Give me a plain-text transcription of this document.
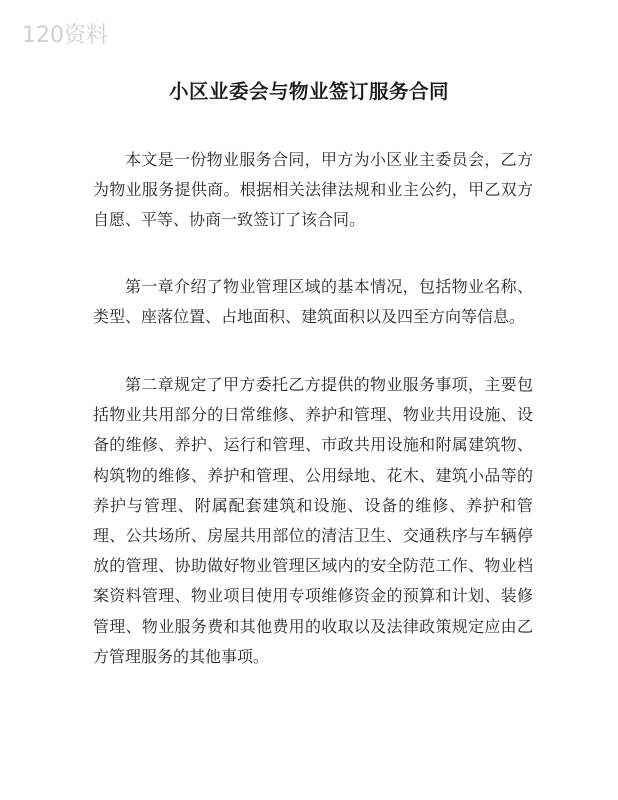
120资料
小区业委会与物业签订服务合同

本文是一份物业服务合同，甲方为小区业主委员会，乙方为物业服务提供商。根据相关法律法规和业主公约，甲乙双方自愿、平等、协商一致签订了该合同。

第一章介绍了物业管理区域的基本情况，包括物业名称、类型、座落位置、占地面积、建筑面积以及四至方向等信息。

第二章规定了甲方委托乙方提供的物业服务事项，主要包括物业共用部分的日常维修、养护和管理、物业共用设施、设备的维修、养护、运行和管理、市政共用设施和附属建筑物、构筑物的维修、养护和管理、公用绿地、花木、建筑小品等的养护与管理、附属配套建筑和设施、设备的维修、养护和管理、公共场所、房屋共用部位的清洁卫生、交通秩序与车辆停放的管理、协助做好物业管理区域内的安全防范工作、物业档案资料管理、物业项目使用专项维修资金的预算和计划、装修管理、物业服务费和其他费用的收取以及法律政策规定应由乙方管理服务的其他事项。
